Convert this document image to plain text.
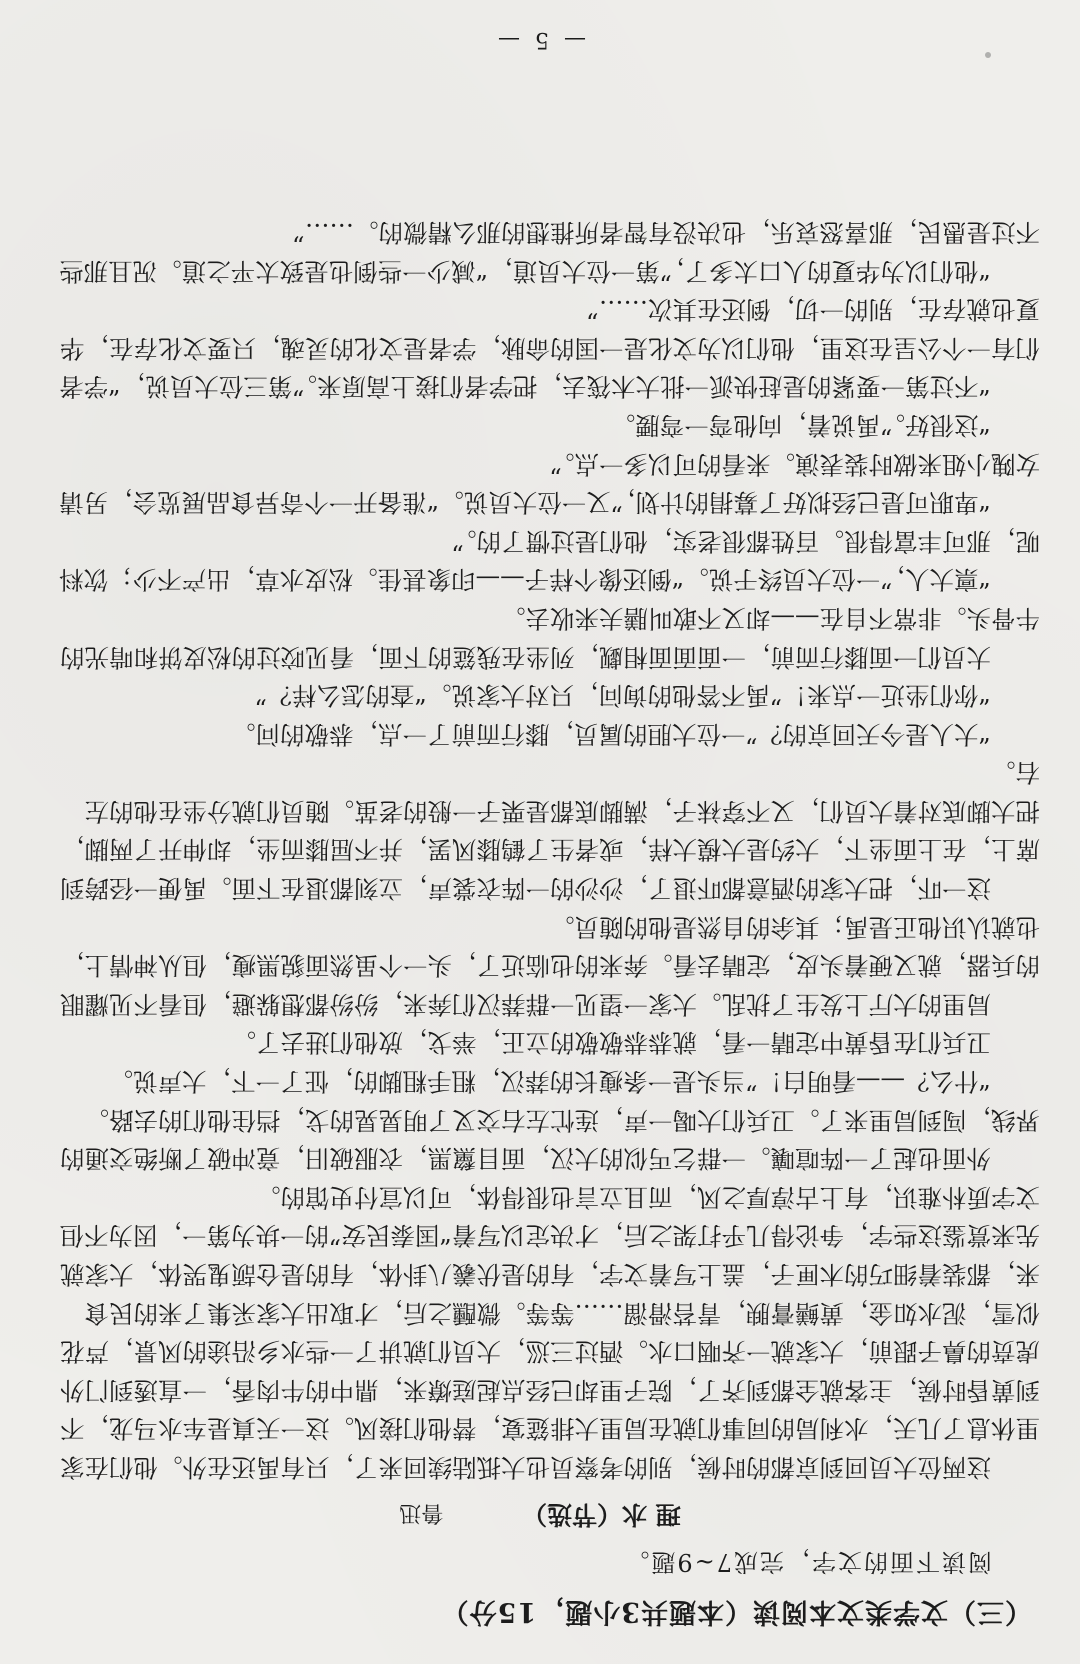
（三）文学类文本阅读（本题共3小题，15分）
阅读下面的文字，完成7~9题。
理 水（节选） 鲁迅

这两位大员回到京都的时候，别的考察员也大抵陆续回来了，只有禹还在外。他们在家里休息了几天，水利局的同事们就在局里大排筵宴，替他们接风。这一天真是车水马龙，不到黄昏时候，主客就全都到齐了，院子里却已经点起庭燎来，鼎中的牛肉香，一直透到门外虎贲的鼻子跟前，大家就一齐咽口水。酒过三巡，大员们就讲了一些水乡沿途的风景，芦花似雪，泥水如金，黄鳝膏腴，青苔滑溜……等等。微醺之后，才取出大家采集了来的民食来，都装着细巧的木匣子，盖上写着文字，有的是伏羲八卦体，有的是仓颉鬼哭体，大家就先来赏鉴这些字，争论得几乎打架之后，才决定以写着“国泰民安”的一块为第一，因为不但文字质朴难识，有上古淳厚之风，而且立言也很得体，可以宣付史馆的。

外面也起了一阵喧嚷。一群乞丐似的大汉，面目黧黑，衣服破旧，竟冲破了断绝交通的界线，闯到局里来了。卫兵们大喝一声，连忙左右交叉了明晃晃的戈，挡住他们的去路。

“什么？——看明白！”当头是一条瘦长的莽汉，粗手粗脚的，怔了一下，大声说。

卫兵们在昏黄中定睛一看，就恭恭敬敬的立正，举戈，放他们进去了。

局里的大厅上发生了扰乱。大家一望见一群莽汉们奔来，纷纷都想躲避，但看不见耀眼的兵器，就又硬着头皮，定睛去看。奔来的也临近了，头一个虽然面貌黑瘦，但从神情上，也就认识他正是禹；其余的自然是他的随员。

这一吓，把大家的酒意都吓退了，沙沙的一阵衣裳声，立刻都退在下面。禹便一径跨到席上，在上面坐下，大约是大模大样，或者生了鹤膝风罢，并不屈膝而坐，却伸开了两脚，把大脚底对着大员们，又不穿袜子，满脚底都是栗子一般的老茧。随员们就分坐在他的左右。

“大人是今天回京的？”一位大胆的属员，膝行而前了一点，恭敬的问。

“你们坐近一点来！”禹不答他的询问，只对大家说。“查的怎么样？”

大员们一面膝行而前，一面面面相觑，列坐在残筵的下面，看见咬过的松皮饼和啃光的牛骨头。非常不自在——却又不敢叫膳夫来收去。

“禀大人，”一位大员终于说。“倒还像个样子——印象甚佳。松皮水草，出产不少；饮料呢，那可丰富得很。百姓都很老实，他们是过惯了的。”

“卑职可是已经拟好了募捐的计划，”又一位大员说。“准备开一个奇异食品展览会，另请女隗小姐来做时装表演。来看的可以多一点。”

“这很好。”禹说着，向他弯一弯腰。

“不过第一要紧的是赶快派一批大木筏去，把学者们接上高原来。”第三位大员说，“学者们有一个公呈在这里，他们以为文化是一国的命脉，学者是文化的灵魂，只要文化存在，华夏也就存在，别的一切，倒还在其次……”

“他们以为华夏的人口太多了，”第一位大员道，“减少一些倒也是致太平之道。况且那些不过是愚民，那喜怒哀乐，也决没有智者所推想的那么精微的。……”

— 5 —
